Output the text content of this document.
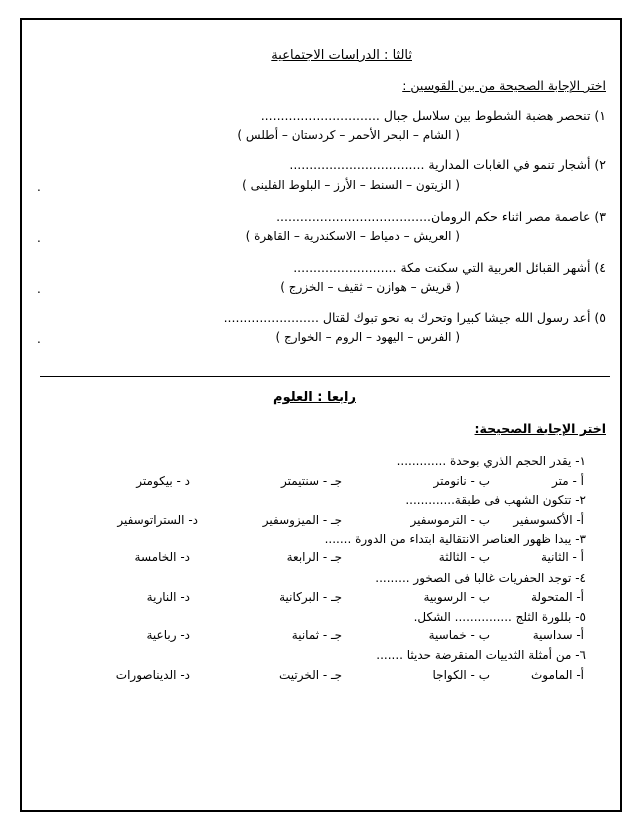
ثالثا : الدراسات الاجتماعية
اختر الإجابة الصحيحة من بين القوسين :
١) تنحصر هضبة الشطوط بين سلاسل جبال ..............................
( الشام – البحر الأحمر – كردستان – أطلس )
٢) أشجار تنمو في الغابات المدارية ..................................
( الزيتون – السنط – الأرز – البلوط الفلينى )
.
٣) عاصمة مصر اثناء حكم الرومان.......................................
( العريش – دمياط – الاسكندرية – القاهرة )
.
٤) أشهر القبائل العربية التي سكنت مكة ..........................
( قريش – هوازن – ثقيف – الخزرج )
.
٥) أعد رسول الله جيشا كبيرا وتحرك به نحو تبوك لقتال ........................
( الفرس – اليهود – الروم – الخوارج )
.
رابعا : العلوم
اختر الإجابة الصحيحة:
١- يقدر الحجم الذري بوحدة .............
أ - متر
ب - نانومتر
جـ - سنتيمتر
د - بيكومتر
٢- تتكون الشهب فى طبقة.............
أ- الأكسوسفير
ب - الترموسفير
جـ - الميزوسفير
د- الستراتوسفير
٣- يبدا ظهور العناصر الانتقالية ابتداء من الدورة .......
أ - الثانية
ب - الثالثة
جـ - الرابعة
د- الخامسة
٤- توجد الحفريات غالبا فى الصخور .........
أ- المتحولة
ب - الرسوبية
جـ - البركانية
د- النارية
٥- بللورة الثلج ............... الشكل.
أ- سداسية
ب - خماسية
جـ - ثمانية
د- رباعية
٦- من أمثلة الثدييات المنقرضة حديثا .......
أ- الماموث
ب - الكواجا
جـ - الخرتيت
د- الديناصورات
